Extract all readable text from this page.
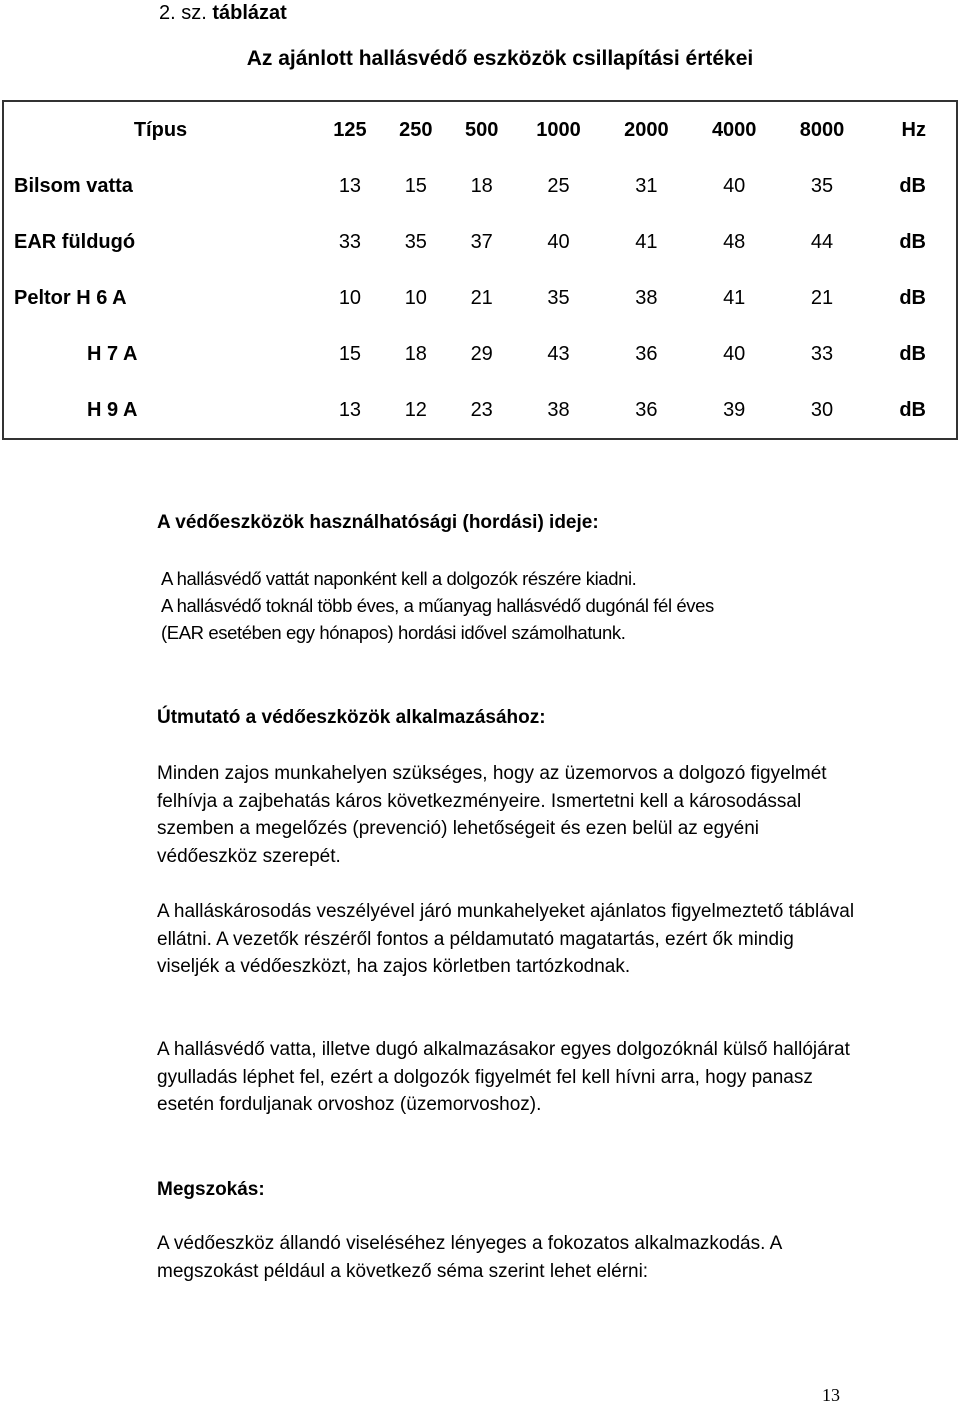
2. sz. táblázat
Az ajánlott hallásvédő eszközök csillapítási értékei
Típus	125	250	500	1000	2000	4000	8000	Hz
Bilsom vatta	13	15	18	25	31	40	35	dB
EAR füldugó	33	35	37	40	41	48	44	dB
Peltor H 6 A	10	10	21	35	38	41	21	dB
H 7 A	15	18	29	43	36	40	33	dB
H 9 A	13	12	23	38	36	39	30	dB
A védőeszközök használhatósági (hordási) ideje:
A hallásvédő vattát naponként kell a dolgozók részére kiadni.
A hallásvédő toknál több éves, a műanyag hallásvédő dugónál fél éves
(EAR esetében egy hónapos) hordási idővel számolhatunk.
Útmutató a védőeszközök alkalmazásához:
Minden zajos munkahelyen szükséges, hogy az üzemorvos a dolgozó figyelmét felhívja a zajbehatás káros következményeire. Ismertetni kell a károsodással szemben a megelőzés (prevenció) lehetőségeit és ezen belül az egyéni védőeszköz szerepét.
A halláskárosodás veszélyével járó munkahelyeket ajánlatos figyelmeztető táblával ellátni. A vezetők részéről fontos a példamutató magatartás, ezért ők mindig viseljék a védőeszközt, ha zajos körletben tartózkodnak.
A hallásvédő vatta, illetve dugó alkalmazásakor egyes dolgozóknál külső hallójárat gyulladás léphet fel, ezért a dolgozók figyelmét fel kell hívni arra, hogy panasz esetén forduljanak orvoshoz (üzemorvoshoz).
Megszokás:
A védőeszköz állandó viseléséhez lényeges a fokozatos alkalmazkodás. A megszokást például a következő séma szerint lehet elérni:
13
